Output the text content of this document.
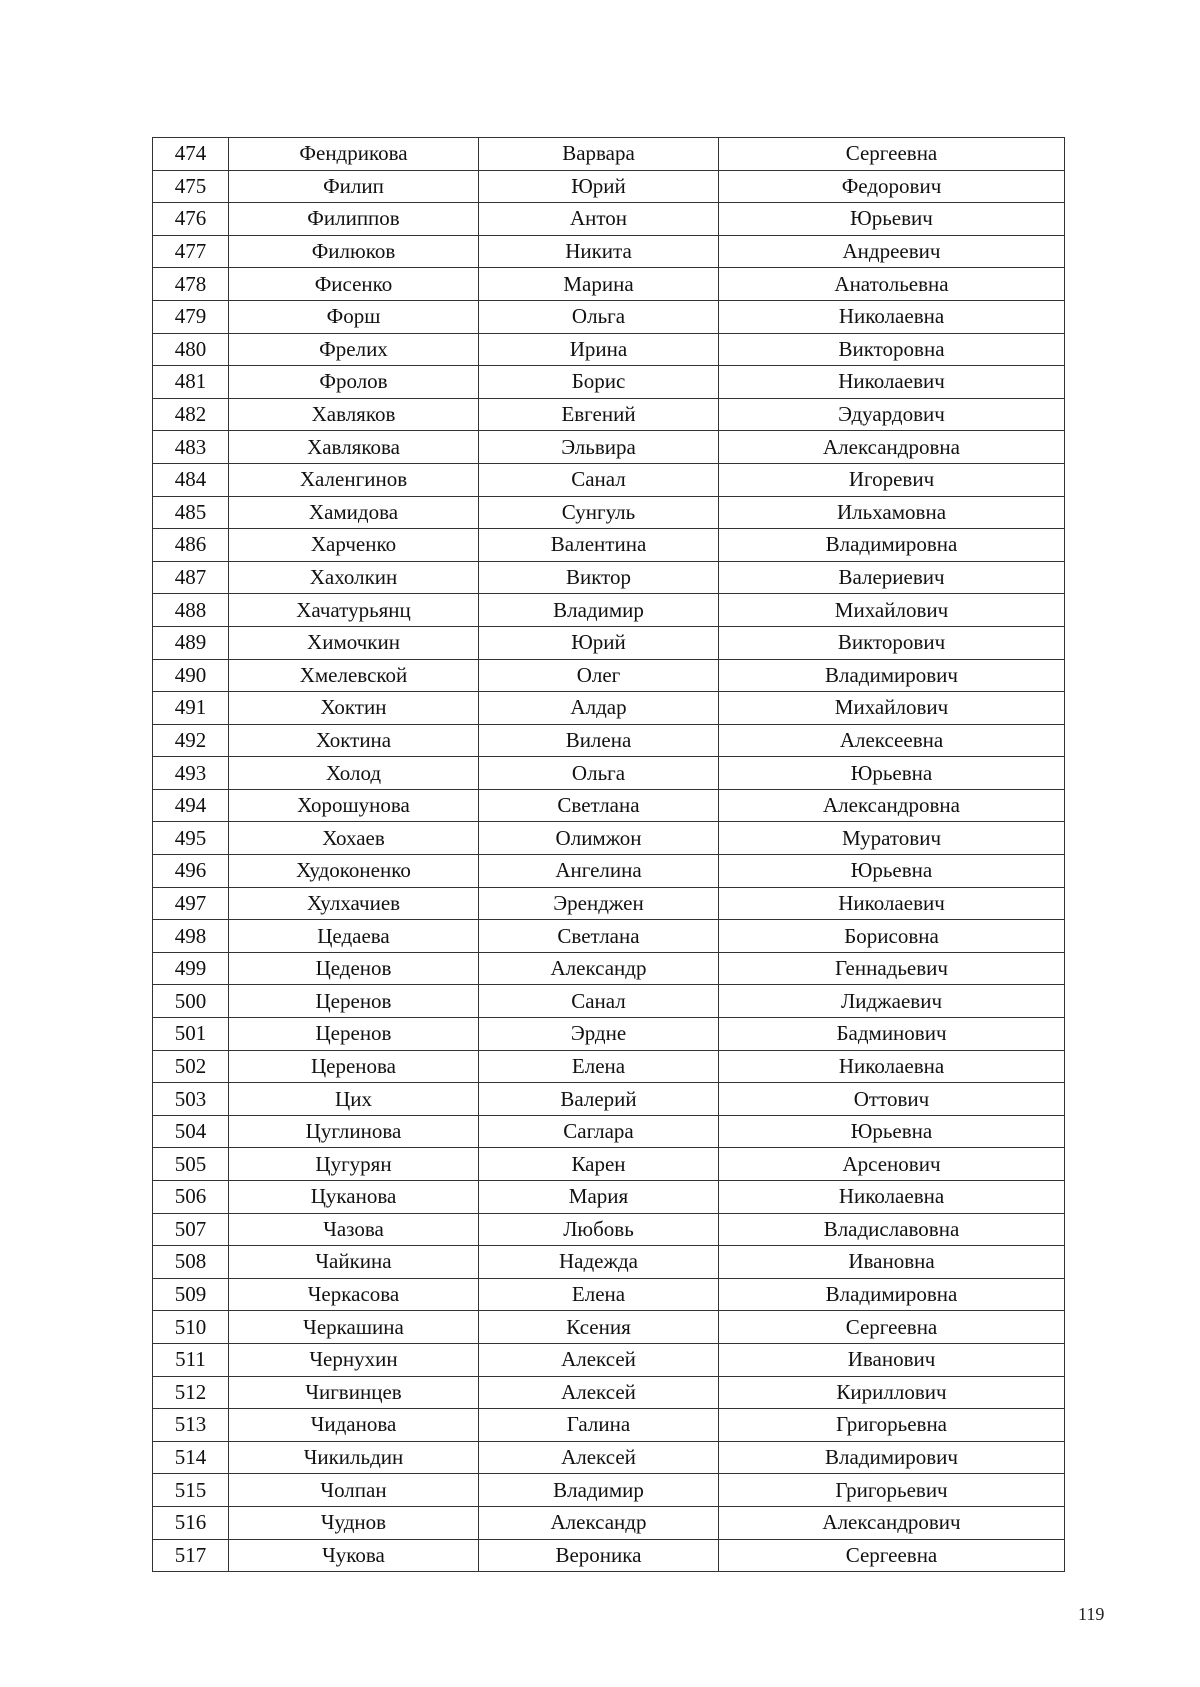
474	Фендрикова	Варвара	Сергеевна
475	Филип	Юрий	Федорович
476	Филиппов	Антон	Юрьевич
477	Филюков	Никита	Андреевич
478	Фисенко	Марина	Анатольевна
479	Форш	Ольга	Николаевна
480	Фрелих	Ирина	Викторовна
481	Фролов	Борис	Николаевич
482	Хавляков	Евгений	Эдуардович
483	Хавлякова	Эльвира	Александровна
484	Халенгинов	Санал	Игоревич
485	Хамидова	Сунгуль	Ильхамовна
486	Харченко	Валентина	Владимировна
487	Хахолкин	Виктор	Валериевич
488	Хачатурьянц	Владимир	Михайлович
489	Химочкин	Юрий	Викторович
490	Хмелевской	Олег	Владимирович
491	Хоктин	Алдар	Михайлович
492	Хоктина	Вилена	Алексеевна
493	Холод	Ольга	Юрьевна
494	Хорошунова	Светлана	Александровна
495	Хохаев	Олимжон	Муратович
496	Худоконенко	Ангелина	Юрьевна
497	Хулхачиев	Эренджен	Николаевич
498	Цедаева	Светлана	Борисовна
499	Цеденов	Александр	Геннадьевич
500	Церенов	Санал	Лиджаевич
501	Церенов	Эрдне	Бадминович
502	Церенова	Елена	Николаевна
503	Цих	Валерий	Оттович
504	Цуглинова	Саглара	Юрьевна
505	Цугурян	Карен	Арсенович
506	Цуканова	Мария	Николаевна
507	Чазова	Любовь	Владиславовна
508	Чайкина	Надежда	Ивановна
509	Черкасова	Елена	Владимировна
510	Черкашина	Ксения	Сергеевна
511	Чернухин	Алексей	Иванович
512	Чигвинцев	Алексей	Кириллович
513	Чиданова	Галина	Григорьевна
514	Чикильдин	Алексей	Владимирович
515	Чолпан	Владимир	Григорьевич
516	Чуднов	Александр	Александрович
517	Чукова	Вероника	Сергеевна
119
